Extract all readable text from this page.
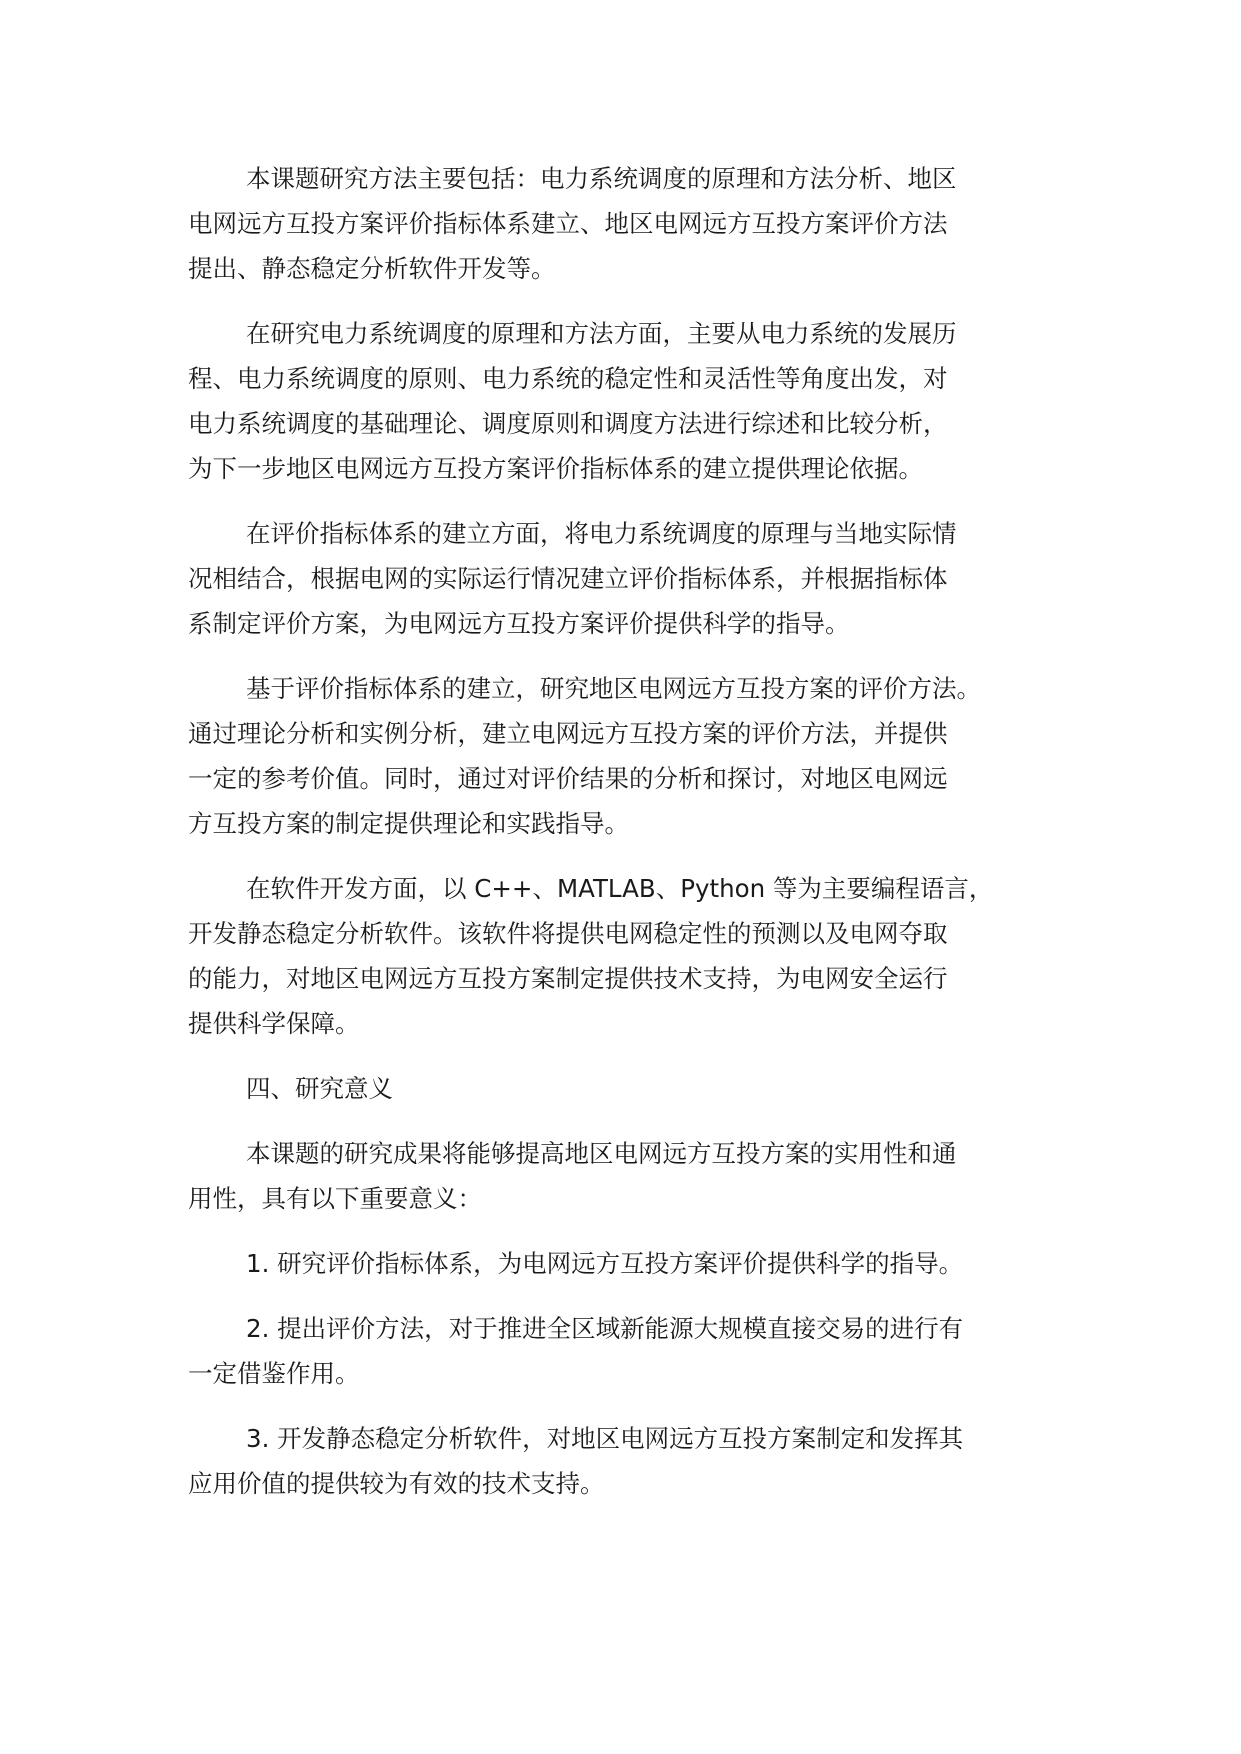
本课题研究方法主要包括：电力系统调度的原理和方法分析、地区
电网远方互投方案评价指标体系建立、地区电网远方互投方案评价方法
提出、静态稳定分析软件开发等。
在研究电力系统调度的原理和方法方面，主要从电力系统的发展历
程、电力系统调度的原则、电力系统的稳定性和灵活性等角度出发，对
电力系统调度的基础理论、调度原则和调度方法进行综述和比较分析，
为下一步地区电网远方互投方案评价指标体系的建立提供理论依据。
在评价指标体系的建立方面，将电力系统调度的原理与当地实际情
况相结合，根据电网的实际运行情况建立评价指标体系，并根据指标体
系制定评价方案，为电网远方互投方案评价提供科学的指导。
基于评价指标体系的建立，研究地区电网远方互投方案的评价方法。
通过理论分析和实例分析，建立电网远方互投方案的评价方法，并提供
一定的参考价值。同时，通过对评价结果的分析和探讨，对地区电网远
方互投方案的制定提供理论和实践指导。
在软件开发方面，以 C++、MATLAB、Python 等为主要编程语言，
开发静态稳定分析软件。该软件将提供电网稳定性的预测以及电网夺取
的能力，对地区电网远方互投方案制定提供技术支持，为电网安全运行
提供科学保障。
四、研究意义
本课题的研究成果将能够提高地区电网远方互投方案的实用性和通
用性，具有以下重要意义：
1. 研究评价指标体系，为电网远方互投方案评价提供科学的指导。
2. 提出评价方法，对于推进全区域新能源大规模直接交易的进行有
一定借鉴作用。
3. 开发静态稳定分析软件，对地区电网远方互投方案制定和发挥其
应用价值的提供较为有效的技术支持。
